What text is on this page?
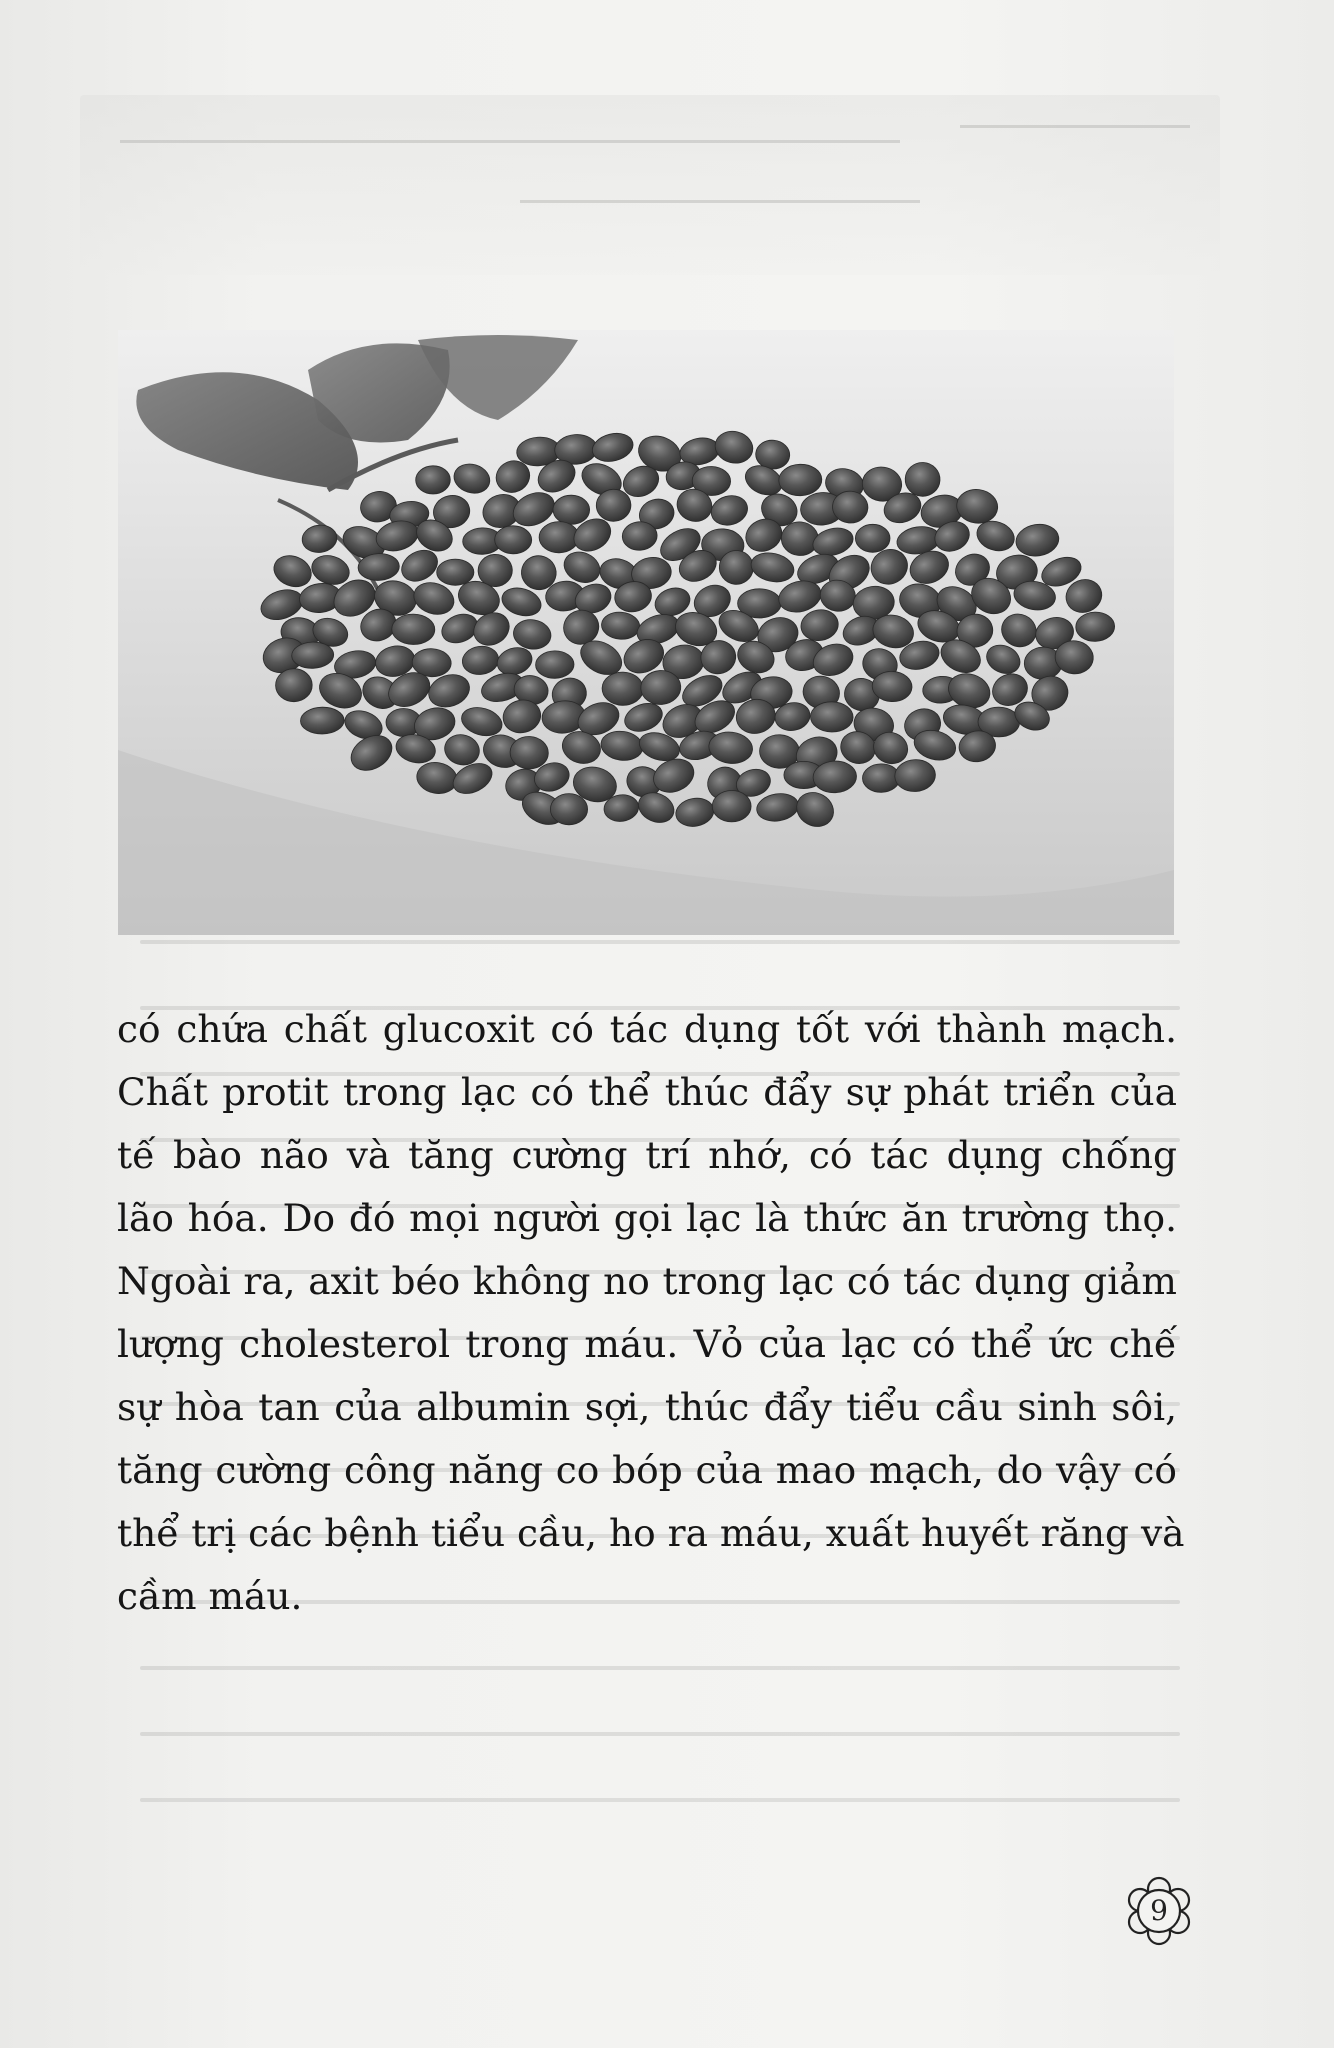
có chứa chất glucoxit có tác dụng tốt với thành mạch.
Chất protit trong lạc có thể thúc đẩy sự phát triển của
tế bào não và tăng cường trí nhớ, có tác dụng chống
lão hóa. Do đó mọi người gọi lạc là thức ăn trường thọ.
Ngoài ra, axit béo không no trong lạc có tác dụng giảm
lượng cholesterol trong máu. Vỏ của lạc có thể ức chế
sự hòa tan của albumin sợi, thúc đẩy tiểu cầu sinh sôi,
tăng cường công năng co bóp của mao mạch, do vậy có
thể trị các bệnh tiểu cầu, ho ra máu, xuất huyết răng và
cầm máu.
9
